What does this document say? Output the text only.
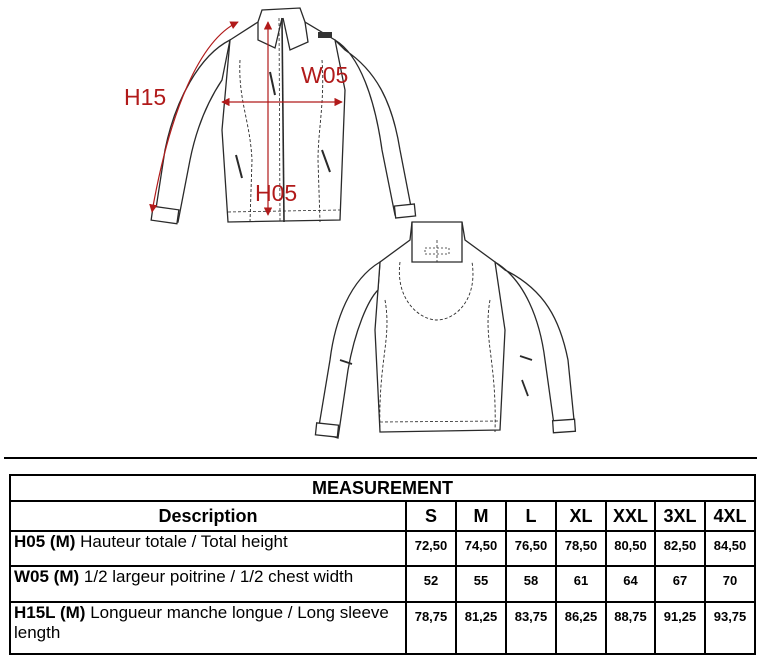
H15
W05
H05
MEASUREMENT							
Description	S	M	L	XL	XXL	3XL	4XL
H05 (M) Hauteur totale / Total height	72,50	74,50	76,50	78,50	80,50	82,50	84,50
W05 (M) 1/2 largeur poitrine / 1/2 chest width	52	55	58	61	64	67	70
H15L (M) Longueur manche longue / Long sleeve length	78,75	81,25	83,75	86,25	88,75	91,25	93,75
